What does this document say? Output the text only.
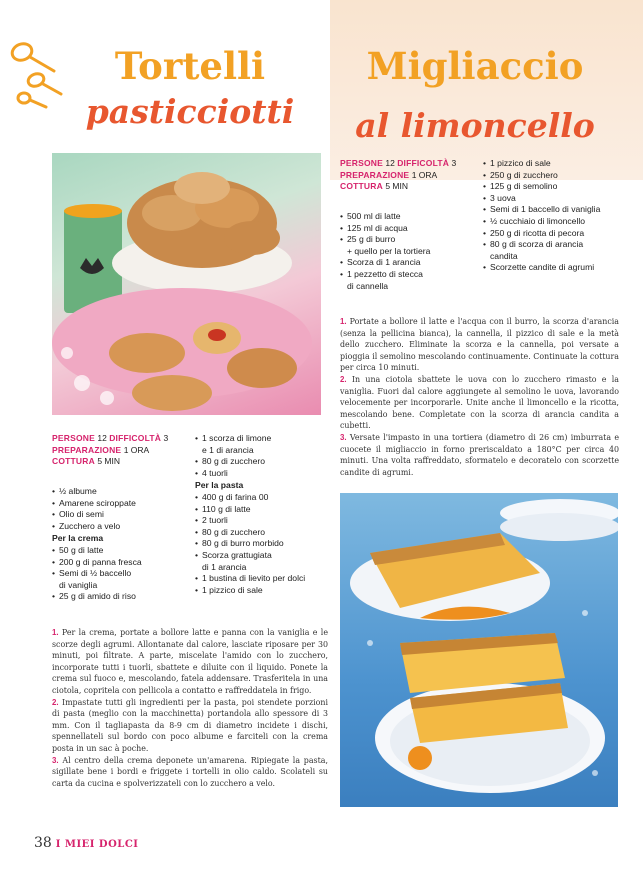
Tortelli
pasticciotti
Migliaccio
al limoncello
PERSONE 12 DIFFICOLTÀ 3
PREPARAZIONE 1 ORA
COTTURA 5 MIN
• 500 ml di latte
• 125 ml di acqua
• 25 g di burro
+ quello per la tortiera
• Scorza di 1 arancia
• 1 pezzetto di stecca
di cannella
• 1 pizzico di sale
• 250 g di zucchero
• 125 g di semolino
• 3 uova
• Semi di 1 baccello di vaniglia
• ½ cucchiaio di limoncello
• 250 g di ricotta di pecora
• 80 g di scorza di arancia
candita
• Scorzette candite di agrumi

1. Portate a bollore il latte e l'acqua con il burro, la scorza d'arancia (senza la pellicina bianca), la cannella, il pizzico di sale e la metà dello zucchero. Eliminate la scorza e la cannella, poi versate a pioggia il semolino mescolando continuamente. Continuate la cottura per circa 10 minuti.

2. In una ciotola sbattete le uova con lo zucchero rimasto e la vaniglia. Fuori dal calore aggiungete al semolino le uova, lavorando velocemente per incorporarle. Unite anche il limoncello e la ricotta, mescolando bene. Completate con la scorza di arancia candita a cubetti.

3. Versate l'impasto in una tortiera (diametro di 26 cm) imburrata e cuocete il migliaccio in forno preriscaldato a 180°C per circa 40 minuti. Una volta raffreddato, sformatelo e decoratelo con scorzette candite di agrumi.

PERSONE 12 DIFFICOLTÀ 3
PREPARAZIONE 1 ORA
COTTURA 5 MIN
• ½ albume
• Amarene sciroppate
• Olio di semi
• Zucchero a velo
Per la crema
• 50 g di latte
• 200 g di panna fresca
• Semi di ½ baccello
di vaniglia
• 25 g di amido di riso
• 1 scorza di limone
e 1 di arancia
• 80 g di zucchero
• 4 tuorli
Per la pasta
• 400 g di farina 00
• 110 g di latte
• 2 tuorli
• 80 g di zucchero
• 80 g di burro morbido
• Scorza grattugiata
di 1 arancia
• 1 bustina di lievito per dolci
• 1 pizzico di sale

1. Per la crema, portate a bollore latte e panna con la vaniglia e le scorze degli agrumi. Allontanate dal calore, lasciate riposare per 30 minuti, poi filtrate. A parte, miscelate l'amido con lo zucchero, incorporate tutti i tuorli, sbattete e diluite con il liquido. Ponete la crema sul fuoco e, mescolando, fatela addensare. Trasferitela in una ciotola, copritela con pellicola a contatto e raffreddatela in frigo.

2. Impastate tutti gli ingredienti per la pasta, poi stendete porzioni di pasta (meglio con la macchinetta) portandola allo spessore di 3 mm. Con il tagliapasta da 8-9 cm di diametro incidete i dischi, spennellateli sul bordo con poco albume e farciteli con la crema posta in un sac à poche.

3. Al centro della crema deponete un'amarena. Ripiegate la pasta, sigillate bene i bordi e friggete i tortelli in olio caldo. Scolateli su carta da cucina e spolverizzateli con lo zucchero a velo.

38 I MIEI DOLCI
